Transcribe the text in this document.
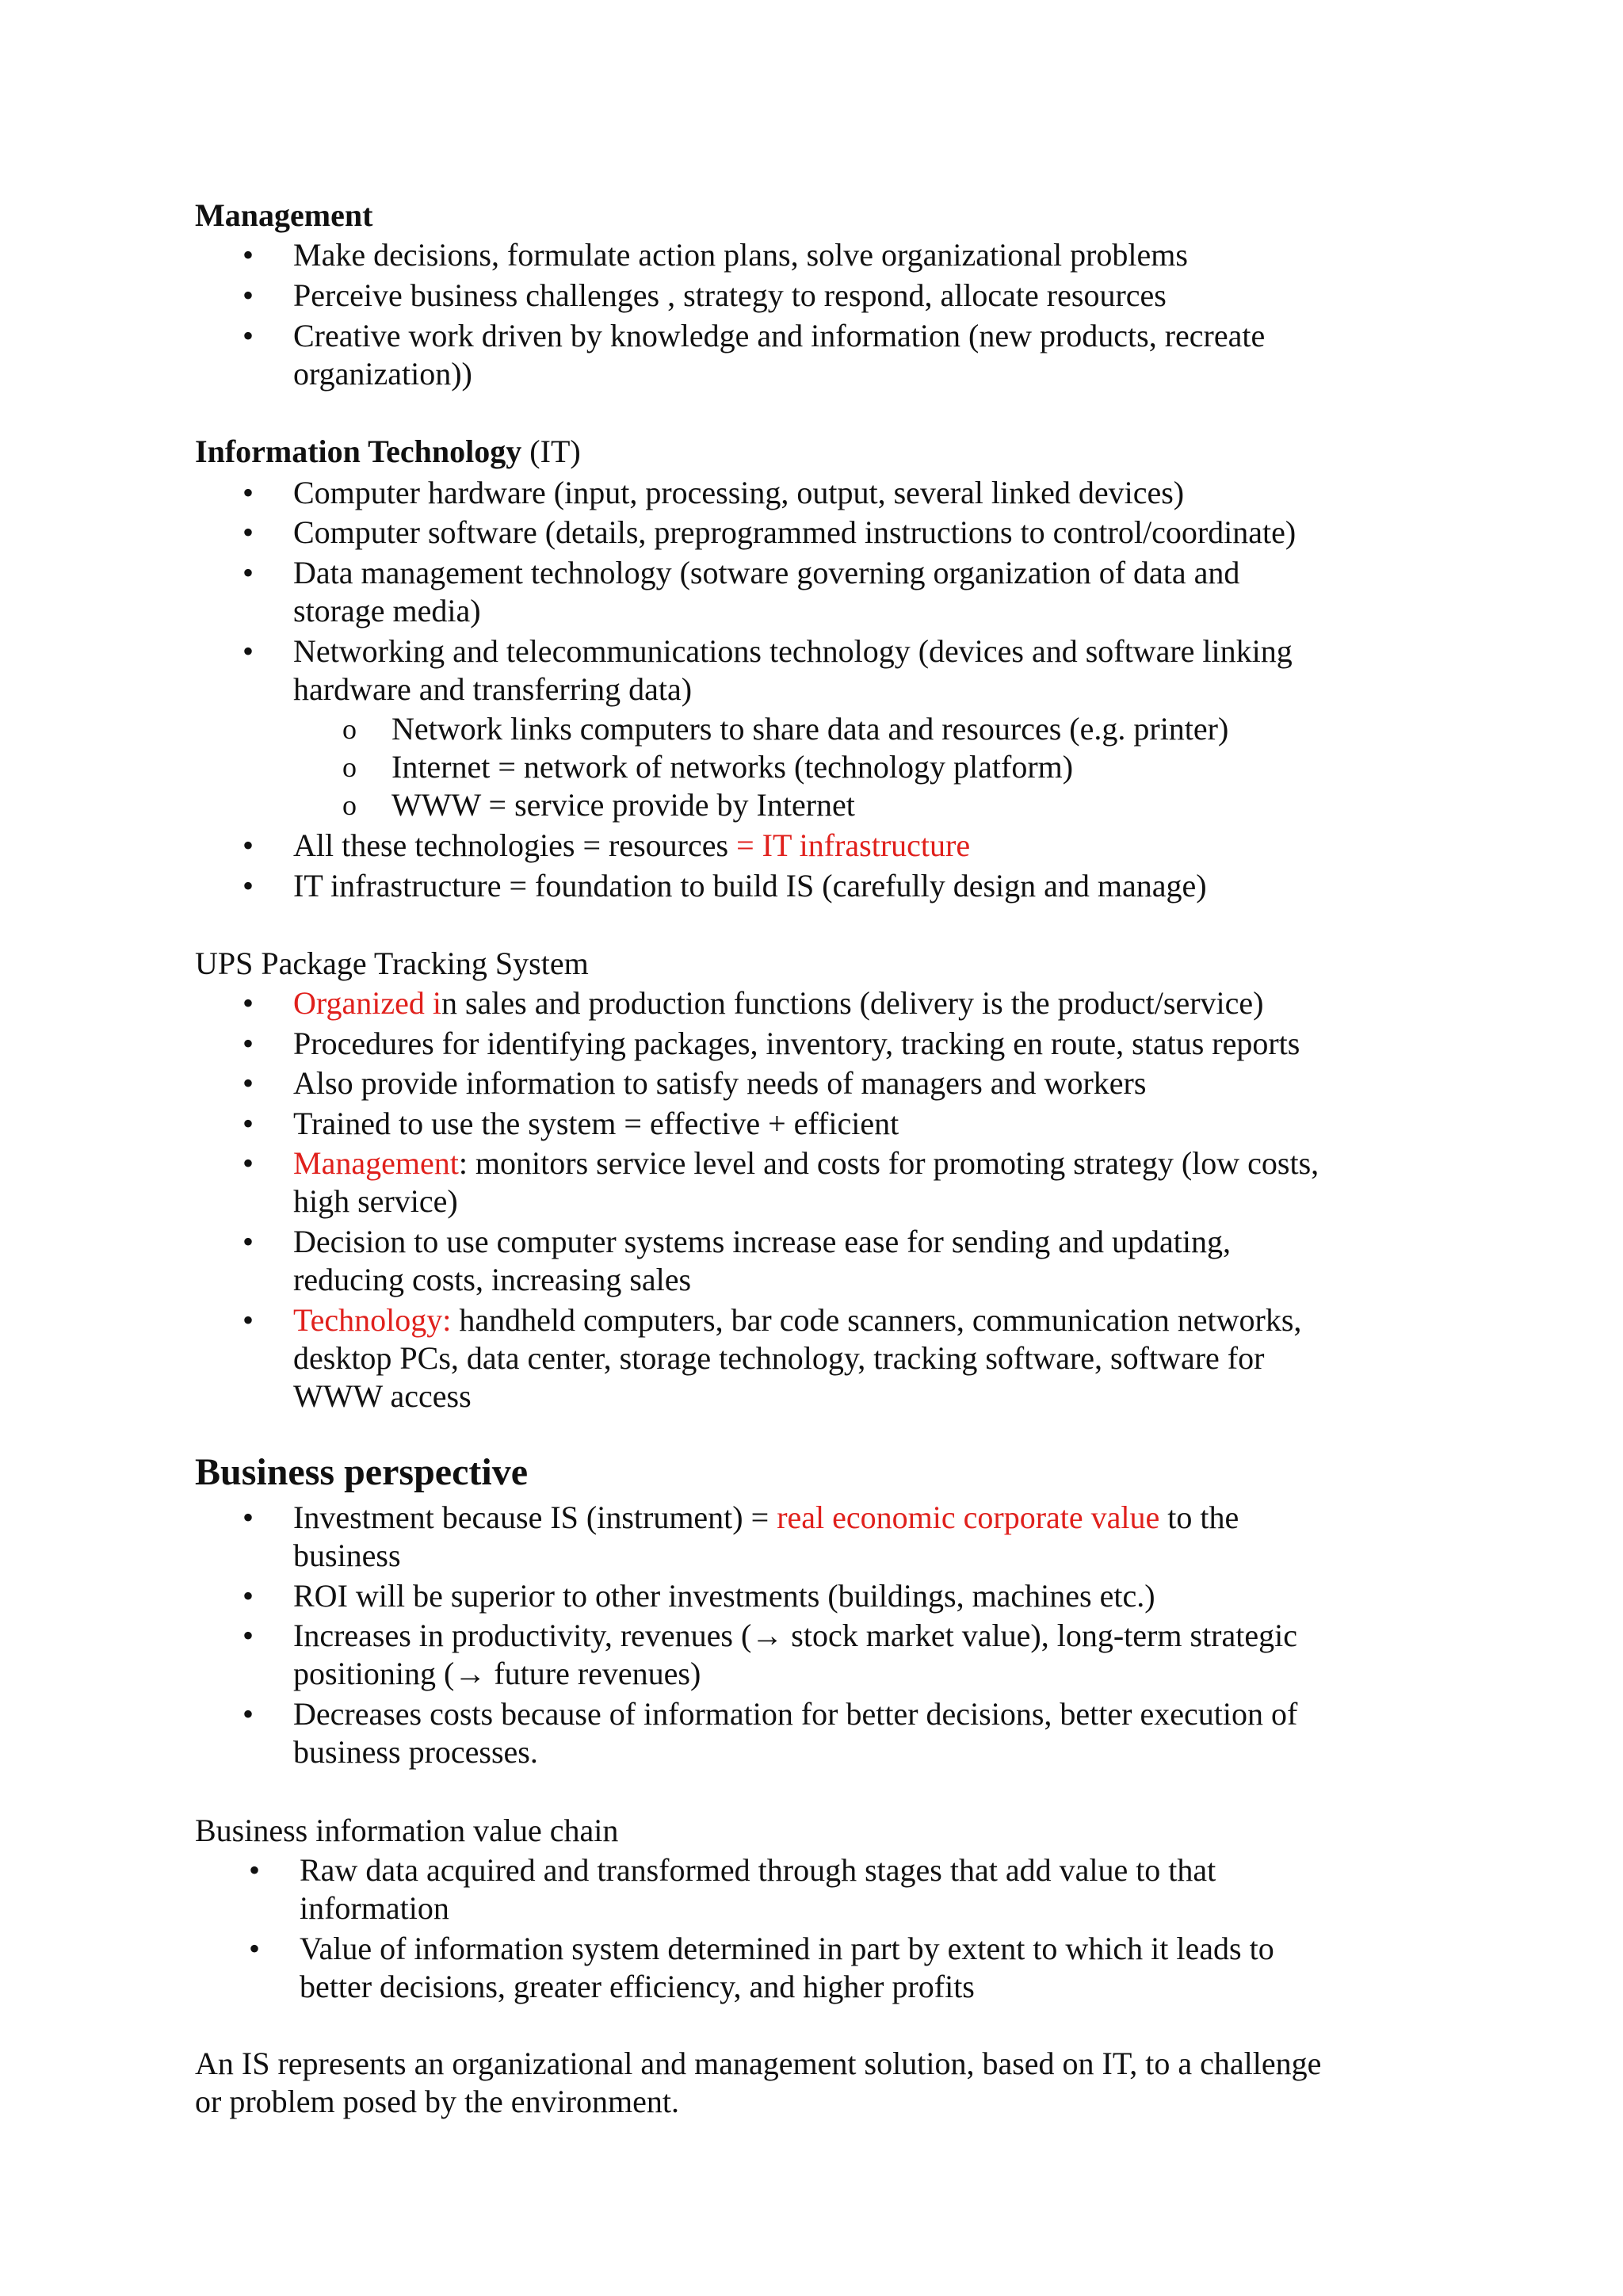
Management
• Make decisions, formulate action plans, solve organizational problems
• Perceive business challenges , strategy to respond, allocate resources
• Creative work driven by knowledge and information (new products, recreate
organization))
Information Technology (IT)
• Computer hardware (input, processing, output, several linked devices)
• Computer software (details, preprogrammed instructions to control/coordinate)
• Data management technology (sotware governing organization of data and
storage media)
• Networking and telecommunications technology (devices and software linking
hardware and transferring data)
o Network links computers to share data and resources (e.g. printer)
o Internet = network of networks (technology platform)
o WWW = service provide by Internet
• All these technologies = resources = IT infrastructure
• IT infrastructure = foundation to build IS (carefully design and manage)
UPS Package Tracking System
• Organized in sales and production functions (delivery is the product/service)
• Procedures for identifying packages, inventory, tracking en route, status reports
• Also provide information to satisfy needs of managers and workers
• Trained to use the system = effective + efficient
• Management: monitors service level and costs for promoting strategy (low costs,
high service)
• Decision to use computer systems increase ease for sending and updating,
reducing costs, increasing sales
• Technology: handheld computers, bar code scanners, communication networks,
desktop PCs, data center, storage technology, tracking software, software for
WWW access
Business perspective
• Investment because IS (instrument) = real economic corporate value to the
business
• ROI will be superior to other investments (buildings, machines etc.)
• Increases in productivity, revenues (→ stock market value), long-term strategic
positioning (→ future revenues)
• Decreases costs because of information for better decisions, better execution of
business processes.
Business information value chain
• Raw data acquired and transformed through stages that add value to that
information
• Value of information system determined in part by extent to which it leads to
better decisions, greater efficiency, and higher profits
An IS represents an organizational and management solution, based on IT, to a challenge
or problem posed by the environment.
